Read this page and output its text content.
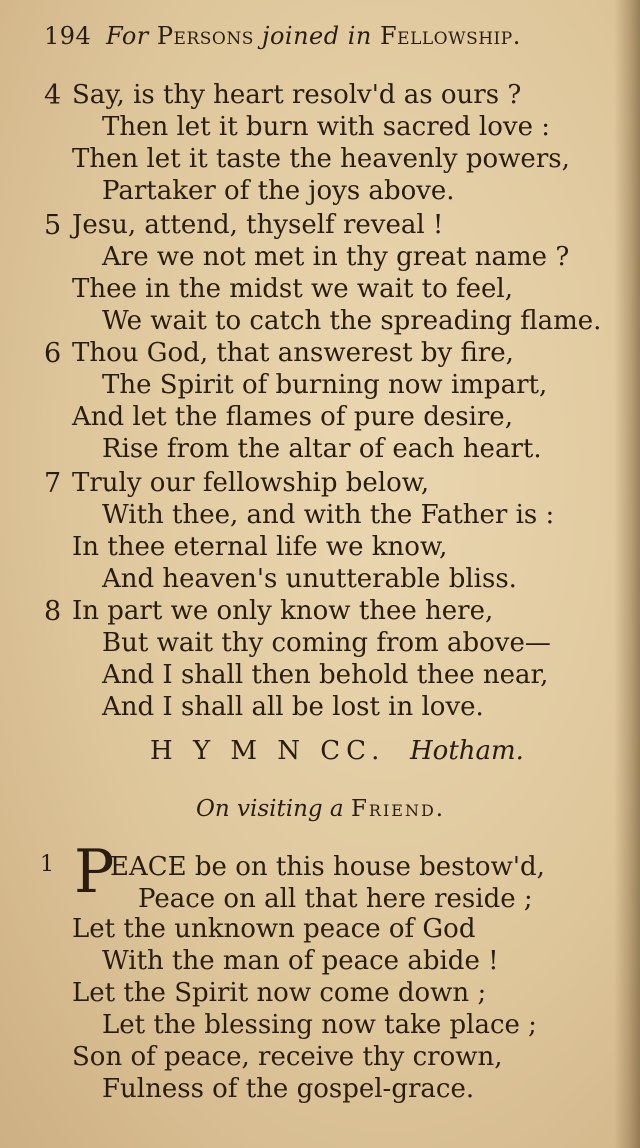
194 For Persons joined in Fellowship.
4 Say, is thy heart resolv'd as ours ?
Then let it burn with sacred love :
Then let it taste the heavenly powers,
Partaker of the joys above.
5 Jesu, attend, thyself reveal !
Are we not met in thy great name ?
Thee in the midst we wait to feel,
We wait to catch the spreading flame.
6 Thou God, that answerest by fire,
The Spirit of burning now impart,
And let the flames of pure desire,
Rise from the altar of each heart.
7 Truly our fellowship below,
With thee, and with the Father is :
In thee eternal life we know,
And heaven's unutterable bliss.
8 In part we only know thee here,
But wait thy coming from above—
And I shall then behold thee near,
And I shall all be lost in love.
H Y M N CC. Hotham.
On visiting a Friend.
1 EACE be on this house bestow'd,
Peace on all that here reside ;
Let the unknown peace of God
With the man of peace abide !
Let the Spirit now come down ;
Let the blessing now take place ;
Son of peace, receive thy crown,
Fulness of the gospel-grace.
P
